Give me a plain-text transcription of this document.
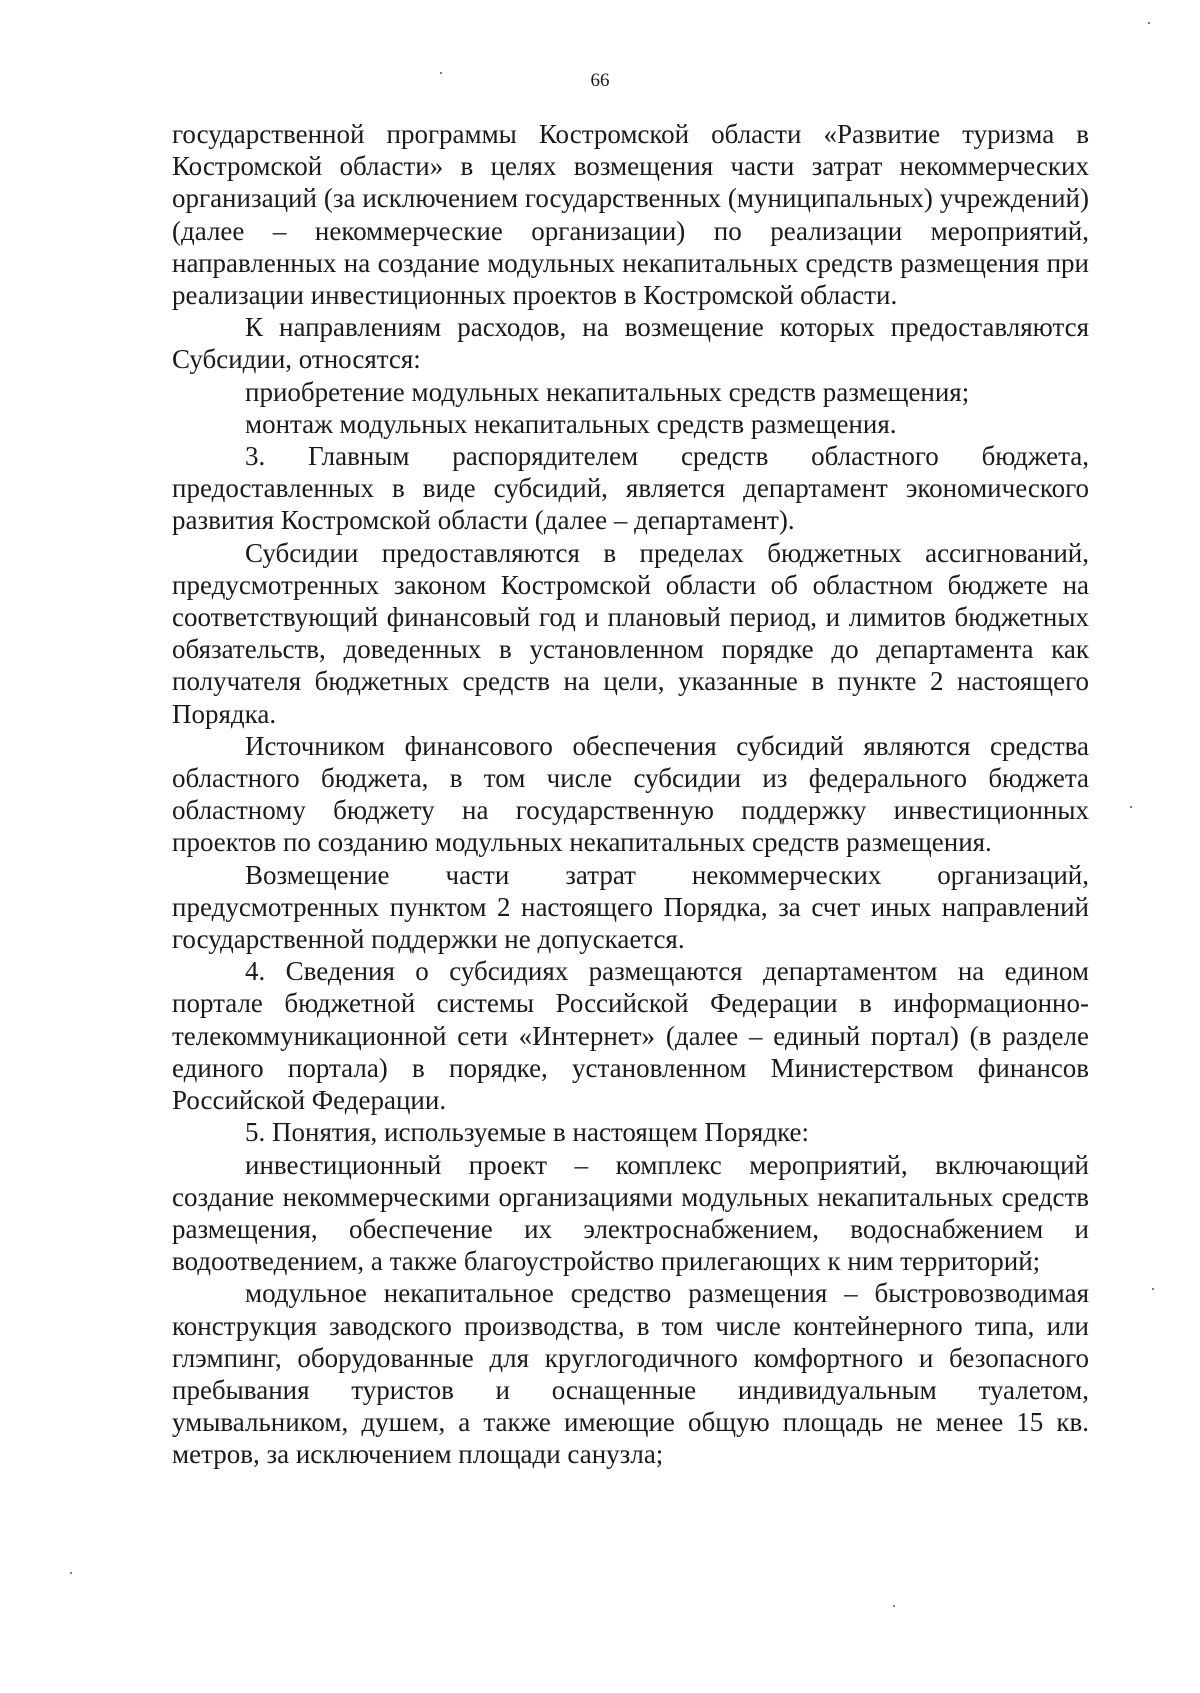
66

государственной программы Костромской области «Развитие туризма в Костромской области» в целях возмещения части затрат некоммерческих организаций (за исключением государственных (муниципальных) учреждений) (далее – некоммерческие организации) по реализации мероприятий, направленных на создание модульных некапитальных средств размещения при реализации инвестиционных проектов в Костромской области.

К направлениям расходов, на возмещение которых предоставляются Субсидии, относятся:

приобретение модульных некапитальных средств размещения;

монтаж модульных некапитальных средств размещения.

3. Главным распорядителем средств областного бюджета, предоставленных в виде субсидий, является департамент экономического развития Костромской области (далее – департамент).

Субсидии предоставляются в пределах бюджетных ассигнований, предусмотренных законом Костромской области об областном бюджете на соответствующий финансовый год и плановый период, и лимитов бюджетных обязательств, доведенных в установленном порядке до департамента как получателя бюджетных средств на цели, указанные в пункте 2 настоящего Порядка.

Источником финансового обеспечения субсидий являются средства областного бюджета, в том числе субсидии из федерального бюджета областному бюджету на государственную поддержку инвестиционных проектов по созданию модульных некапитальных средств размещения.

Возмещение части затрат некоммерческих организаций, предусмотренных пунктом 2 настоящего Порядка, за счет иных направлений государственной поддержки не допускается.

4. Сведения о субсидиях размещаются департаментом на едином портале бюджетной системы Российской Федерации в информационно-телекоммуникационной сети «Интернет» (далее – единый портал) (в разделе единого портала) в порядке, установленном Министерством финансов Российской Федерации.

5. Понятия, используемые в настоящем Порядке:

инвестиционный проект – комплекс мероприятий, включающий создание некоммерческими организациями модульных некапитальных средств размещения, обеспечение их электроснабжением, водоснабжением и водоотведением, а также благоустройство прилегающих к ним территорий;

модульное некапитальное средство размещения – быстровозводимая конструкция заводского производства, в том числе контейнерного типа, или глэмпинг, оборудованные для круглогодичного комфортного и безопасного пребывания туристов и оснащенные индивидуальным туалетом, умывальником, душем, а также имеющие общую площадь не менее 15 кв. метров, за исключением площади санузла;
